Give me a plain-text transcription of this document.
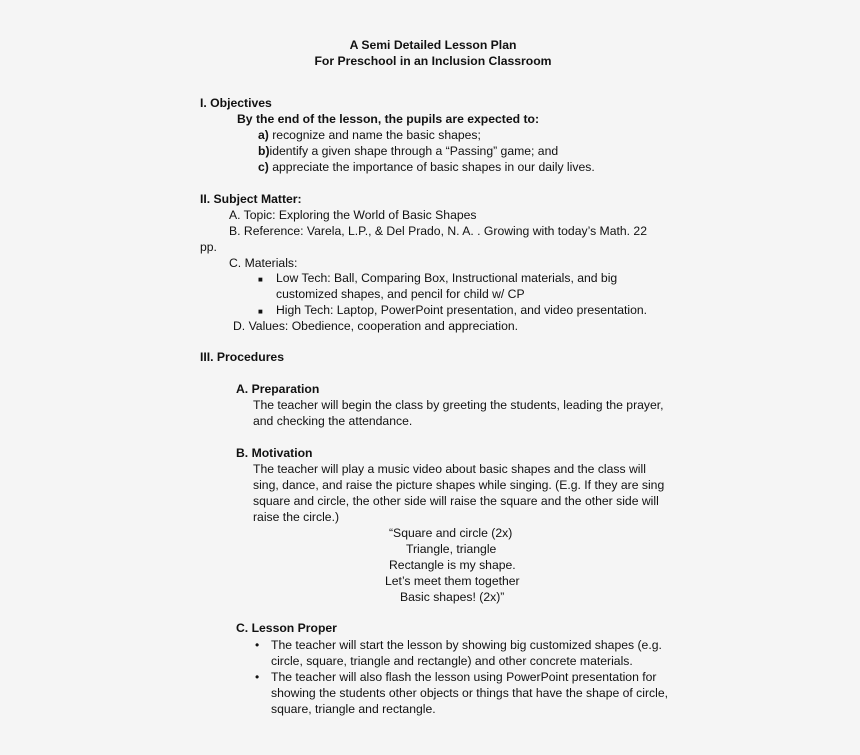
A Semi Detailed Lesson Plan
For Preschool in an Inclusion Classroom
I. Objectives
By the end of the lesson, the pupils are expected to:
a) recognize and name the basic shapes;
b)identify a given shape through a “Passing” game; and
c) appreciate the importance of basic shapes in our daily lives.
II. Subject Matter:
A. Topic: Exploring the World of Basic Shapes
B. Reference: Varela, L.P., & Del Prado, N. A. . Growing with today’s Math. 22
pp.
C. Materials:
■ Low Tech: Ball, Comparing Box, Instructional materials, and big
customized shapes, and pencil for child w/ CP
■ High Tech: Laptop, PowerPoint presentation, and video presentation.
D. Values: Obedience, cooperation and appreciation.
III. Procedures
A. Preparation
The teacher will begin the class by greeting the students, leading the prayer,
and checking the attendance.
B. Motivation
The teacher will play a music video about basic shapes and the class will
sing, dance, and raise the picture shapes while singing. (E.g. If they are sing
square and circle, the other side will raise the square and the other side will
raise the circle.)
“Square and circle (2x)
Triangle, triangle
Rectangle is my shape.
Let’s meet them together
Basic shapes! (2x)”
C. Lesson Proper
• The teacher will start the lesson by showing big customized shapes (e.g.
circle, square, triangle and rectangle) and other concrete materials.
• The teacher will also flash the lesson using PowerPoint presentation for
showing the students other objects or things that have the shape of circle,
square, triangle and rectangle.
